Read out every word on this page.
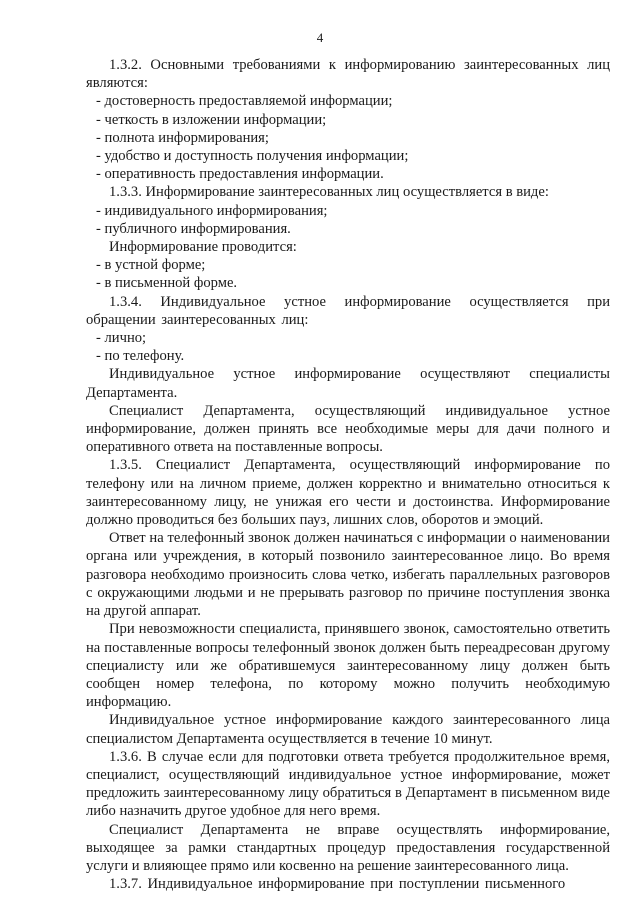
4

1.3.2. Основными требованиями к информированию заинтересованных лиц являются:

- достоверность предоставляемой информации;

- четкость в изложении информации;

- полнота информирования;

- удобство и доступность получения информации;

- оперативность предоставления информации.

1.3.3. Информирование заинтересованных лиц осуществляется в виде:

- индивидуального информирования;

- публичного информирования.

Информирование проводится:

- в устной форме;

- в письменной форме.

1.3.4. Индивидуальное устное информирование осуществляется при обращении заинтересованных лиц:

- лично;

- по телефону.

Индивидуальное устное информирование осуществляют специалисты Департамента.

Специалист Департамента, осуществляющий индивидуальное устное информирование, должен принять все необходимые меры для дачи полного и оперативного ответа на поставленные вопросы.

1.3.5. Специалист Департамента, осуществляющий информирование по телефону или на личном приеме, должен корректно и внимательно относиться к заинтересованному лицу, не унижая его чести и достоинства. Информирование должно проводиться без больших пауз, лишних слов, оборотов и эмоций.

Ответ на телефонный звонок должен начинаться с информации о наименовании органа или учреждения, в который позвонило заинтересованное лицо. Во время разговора необходимо произносить слова четко, избегать параллельных разговоров с окружающими людьми и не прерывать разговор по причине поступления звонка на другой аппарат.

При невозможности специалиста, принявшего звонок, самостоятельно ответить на поставленные вопросы телефонный звонок должен быть переадресован другому специалисту или же обратившемуся заинтересованному лицу должен быть сообщен номер телефона, по которому можно получить необходимую информацию.

Индивидуальное устное информирование каждого заинтересованного лица специалистом Департамента осуществляется в течение 10 минут.

1.3.6. В случае если для подготовки ответа требуется продолжительное время, специалист, осуществляющий индивидуальное устное информирование, может предложить заинтересованному лицу обратиться в Департамент в письменном виде либо назначить другое удобное для него время.

Специалист Департамента не вправе осуществлять информирование, выходящее за рамки стандартных процедур предоставления государственной услуги и влияющее прямо или косвенно на решение заинтересованного лица.

1.3.7. Индивидуальное информирование при поступлении письменного
